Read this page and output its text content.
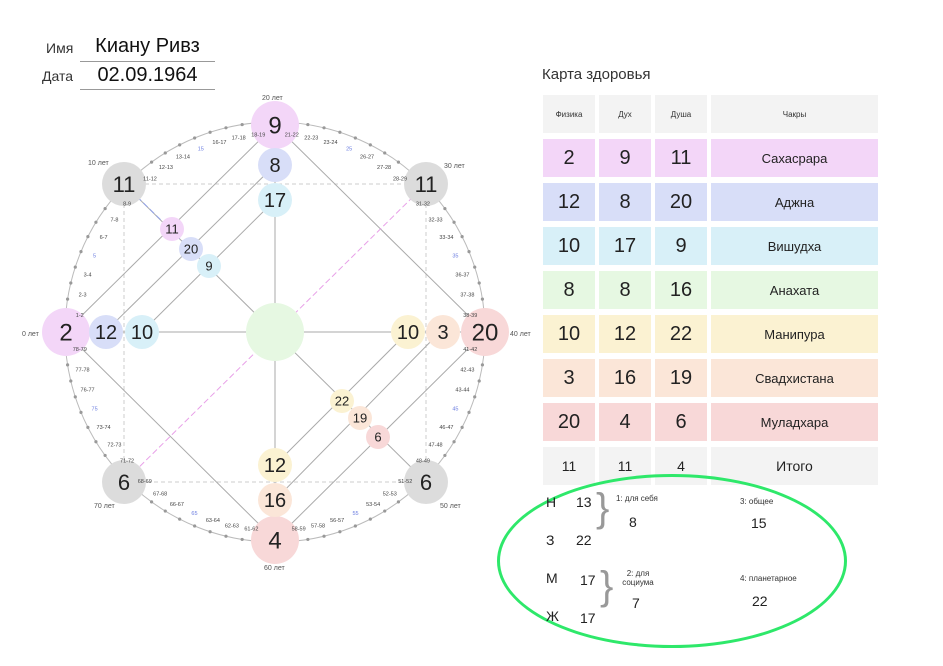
Имя	Киану Ривз
Дата	02.09.1964
2 12 10
9
8
17
20
3
10
4
16
12
11	11
6	6
11
20
9
22
19
6
0 лет
10 лет
20 лет
30 лет
40 лет
50 лет
60 лет
70 лет
31-32
32-33
33-34
35
36-37
37-38
38-39
41-42
42-43
43-44
45
46-47
47-48
48-49
8-9
7-8
6-7
5
3-4
2-3
1-2
78-79
77-78
76-77
75
73-74
72-73
71-72
18-19
17-18
16-17
15
13-14
12-13
11-12
21-22 22-23
23-24
25
26-27
27-28
28-29
68-69
67-68
66-67
65
63-64
62-63
61-62
51-52
52-53
53-54
55
56-57
57-58
58-59
Карта здоровья
Физика	Дух	Душа	Чакры
2	9	11	Сахасрара
12	8	20	Аджна
10	17	9	Вишудха
8	8	16	Анахата
10	12	22	Манипура
3	16	19	Свадхистана
20	4	6	Муладхара
11	11	4	Итого
Н 13
З 22
}
М 17
Ж 17
}
1: для себя
8
2: для социума
7
3: общее
15
4: планетарное
22
